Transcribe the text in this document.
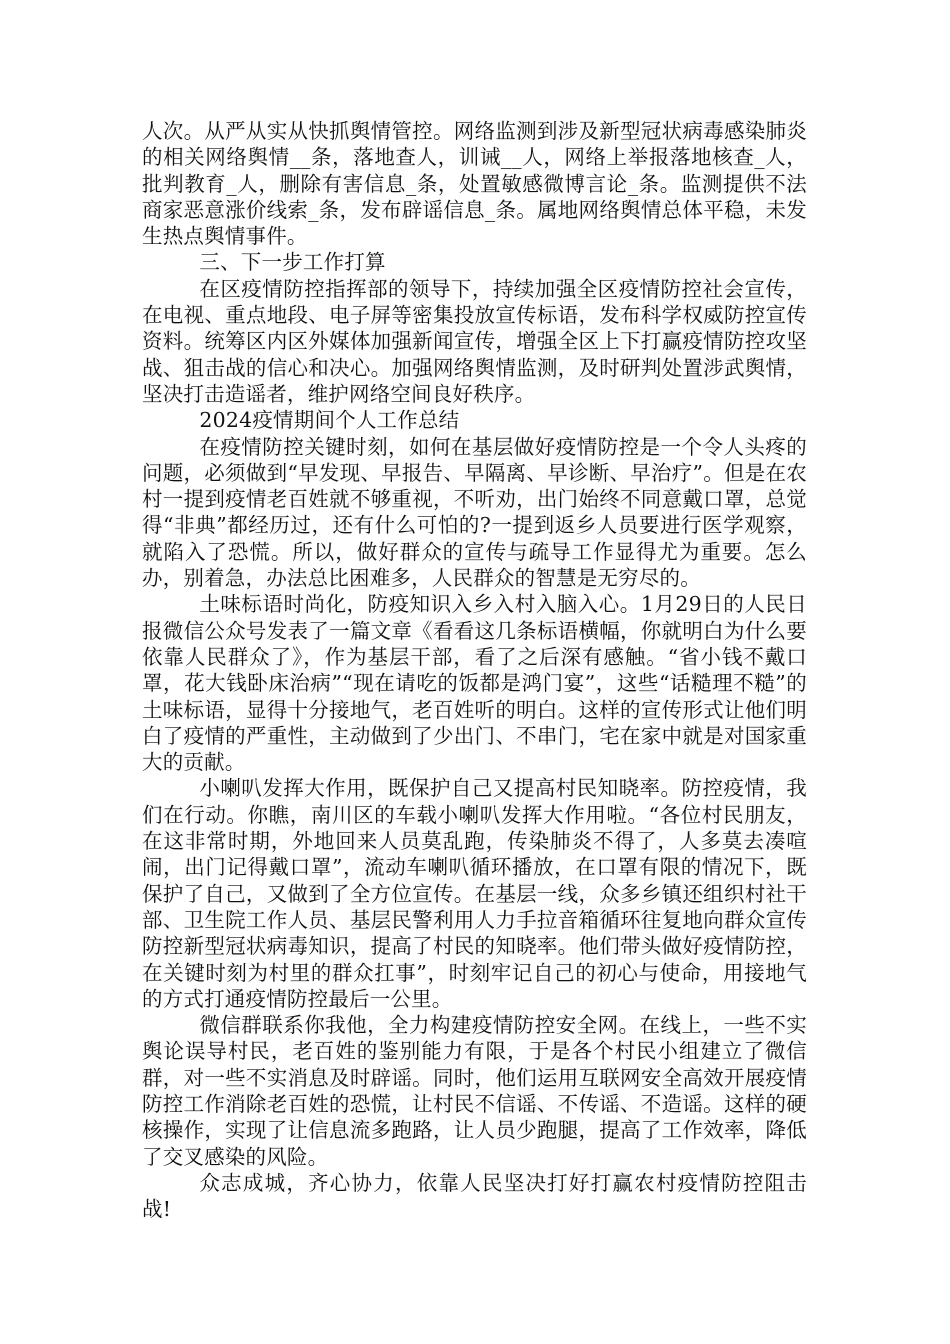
人次。从严从实从快抓舆情管控。网络监测到涉及新型冠状病毒感染肺炎的相关网络舆情__条，落地查人，训诫__人，网络上举报落地核查_人，批判教育_人，删除有害信息_条，处置敏感微博言论_条。监测提供不法商家恶意涨价线索_条，发布辟谣信息_条。属地网络舆情总体平稳，未发生热点舆情事件。

三、下一步工作打算

在区疫情防控指挥部的领导下，持续加强全区疫情防控社会宣传，在电视、重点地段、电子屏等密集投放宣传标语，发布科学权威防控宣传资料。统筹区内区外媒体加强新闻宣传，增强全区上下打赢疫情防控攻坚战、狙击战的信心和决心。加强网络舆情监测，及时研判处置涉武舆情，坚决打击造谣者，维护网络空间良好秩序。

2024疫情期间个人工作总结

在疫情防控关键时刻，如何在基层做好疫情防控是一个令人头疼的问题，必须做到“早发现、早报告、早隔离、早诊断、早治疗”。但是在农村一提到疫情老百姓就不够重视，不听劝，出门始终不同意戴口罩，总觉得“非典”都经历过，还有什么可怕的?一提到返乡人员要进行医学观察，就陷入了恐慌。所以，做好群众的宣传与疏导工作显得尤为重要。怎么办，别着急，办法总比困难多，人民群众的智慧是无穷尽的。

土味标语时尚化，防疫知识入乡入村入脑入心。1月29日的人民日报微信公众号发表了一篇文章《看看这几条标语横幅，你就明白为什么要依靠人民群众了》，作为基层干部，看了之后深有感触。“省小钱不戴口罩，花大钱卧床治病”“现在请吃的饭都是鸿门宴”，这些“话糙理不糙”的土味标语，显得十分接地气，老百姓听的明白。这样的宣传形式让他们明白了疫情的严重性，主动做到了少出门、不串门，宅在家中就是对国家重大的贡献。

小喇叭发挥大作用，既保护自己又提高村民知晓率。防控疫情，我们在行动。你瞧，南川区的车载小喇叭发挥大作用啦。“各位村民朋友，在这非常时期，外地回来人员莫乱跑，传染肺炎不得了，人多莫去凑喧闹，出门记得戴口罩”，流动车喇叭循环播放，在口罩有限的情况下，既保护了自己，又做到了全方位宣传。在基层一线，众多乡镇还组织村社干部、卫生院工作人员、基层民警利用人力手拉音箱循环往复地向群众宣传防控新型冠状病毒知识，提高了村民的知晓率。他们带头做好疫情防控，在关键时刻为村里的群众扛事”，时刻牢记自己的初心与使命，用接地气的方式打通疫情防控最后一公里。

微信群联系你我他，全力构建疫情防控安全网。在线上，一些不实舆论误导村民，老百姓的鉴别能力有限，于是各个村民小组建立了微信群，对一些不实消息及时辟谣。同时，他们运用互联网安全高效开展疫情防控工作消除老百姓的恐慌，让村民不信谣、不传谣、不造谣。这样的硬核操作，实现了让信息流多跑路，让人员少跑腿，提高了工作效率，降低了交叉感染的风险。

众志成城，齐心协力，依靠人民坚决打好打赢农村疫情防控阻击战!
